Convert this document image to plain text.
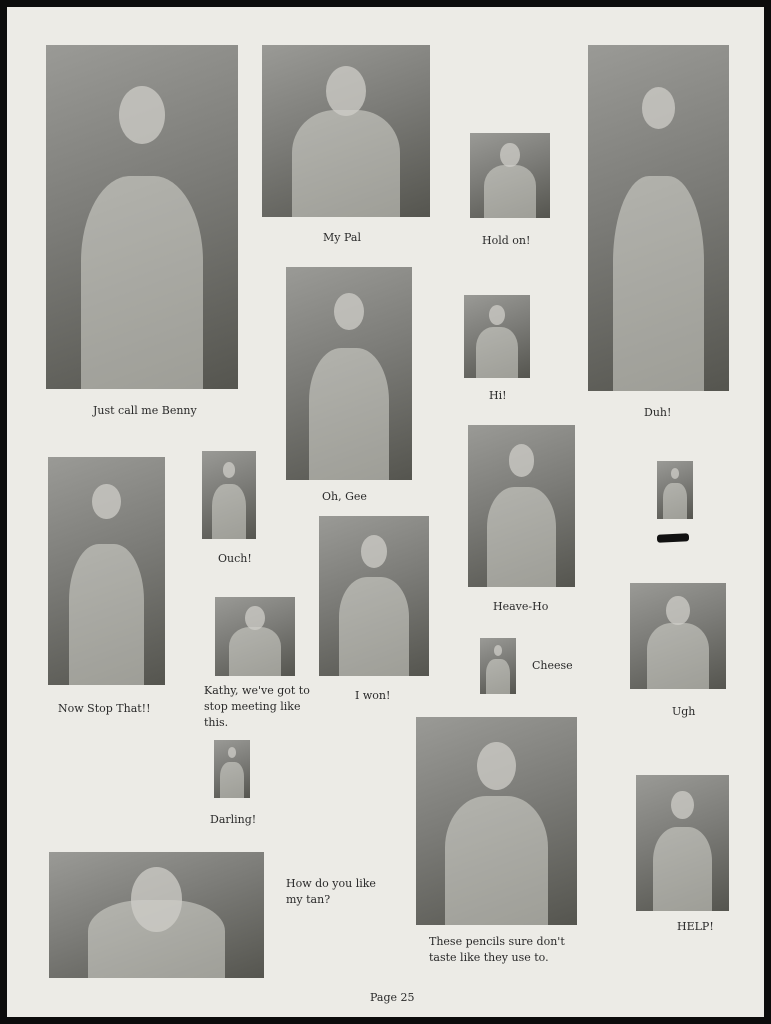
My Pal	Hold on!
Just call me Benny
Hi!
Duh!
Oh, Gee
Ouch!
Heave-Ho
Now Stop That!!
Kathy, we've got to stop meeting like this.
I won!
Cheese
Ugh
Darling!
How do you like my tan?
These pencils sure don't taste like they use to.
HELP!
Page 25
